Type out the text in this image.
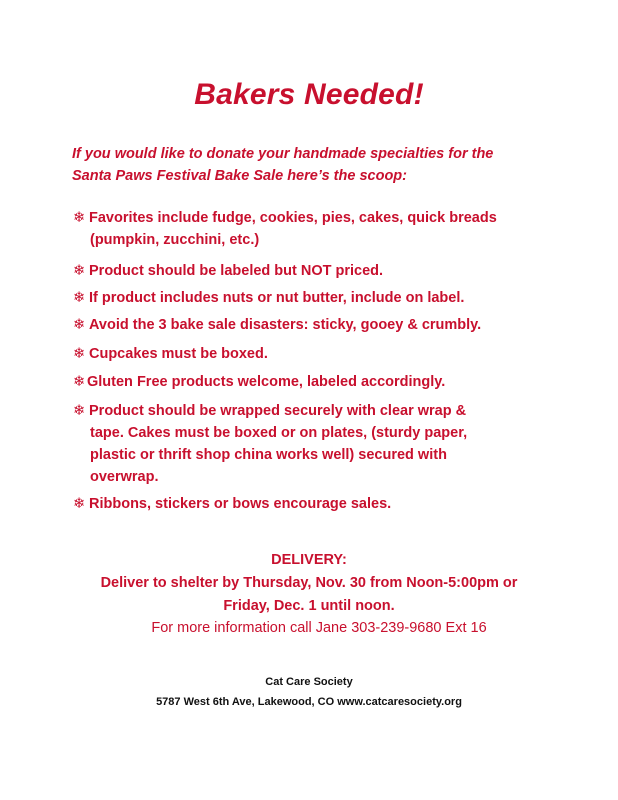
Bakers Needed!
If you would like to donate your handmade specialties for the
Santa Paws Festival Bake Sale here’s the scoop:
❄ Favorites include fudge, cookies, pies, cakes, quick breads
(pumpkin, zucchini, etc.)
❄ Product should be labeled but NOT priced.
❄ If product includes nuts or nut butter, include on label.
❄ Avoid the 3 bake sale disasters: sticky, gooey & crumbly.
❄ Cupcakes must be boxed.
❄ Gluten Free products welcome, labeled accordingly.
❄ Product should be wrapped securely with clear wrap &
tape. Cakes must be boxed or on plates, (sturdy paper,
plastic or thrift shop china works well) secured with
overwrap.
❄ Ribbons, stickers or bows encourage sales.
DELIVERY:
Deliver to shelter by Thursday, Nov. 30 from Noon-5:00pm or
Friday, Dec. 1 until noon.
For more information call Jane 303-239-9680 Ext 16
Cat Care Society
5787 West 6th Ave, Lakewood, CO www.catcaresociety.org
